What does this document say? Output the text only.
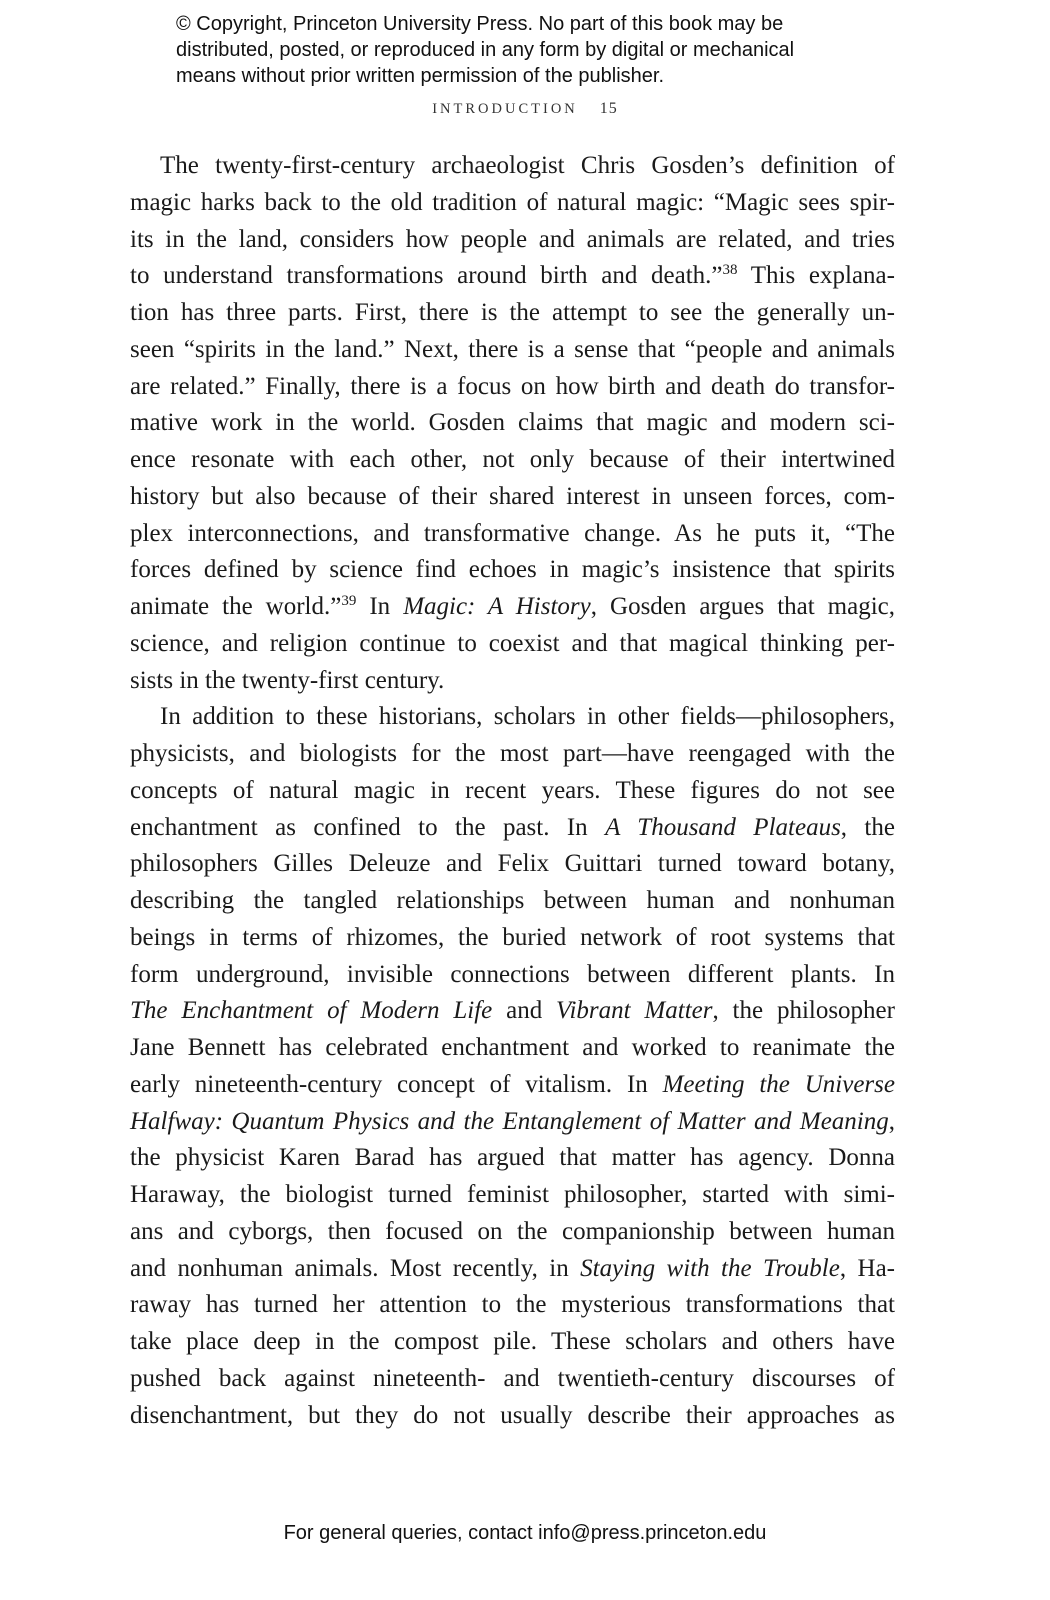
© Copyright, Princeton University Press. No part of this book may be
distributed, posted, or reproduced in any form by digital or mechanical
means without prior written permission of the publisher.
INTRODUCTION 15
The twenty-first-century archaeologist Chris Gosden’s definition of
magic harks back to the old tradition of natural magic: “Magic sees spir-
its in the land, considers how people and animals are related, and tries
to understand transformations around birth and death.”$^{38}$ This explana-
tion has three parts. First, there is the attempt to see the generally un-
seen “spirits in the land.” Next, there is a sense that “people and animals
are related.” Finally, there is a focus on how birth and death do transfor-
mative work in the world. Gosden claims that magic and modern sci-
ence resonate with each other, not only because of their intertwined
history but also because of their shared interest in unseen forces, com-
plex interconnections, and transformative change. As he puts it, “The
forces defined by science find echoes in magic’s insistence that spirits
animate the world.”$^{39}$ In Magic: A History, Gosden argues that magic,
science, and religion continue to coexist and that magical thinking per-
sists in the twenty-first century.
In addition to these historians, scholars in other fields—philosophers,
physicists, and biologists for the most part—have reengaged with the
concepts of natural magic in recent years. These figures do not see
enchantment as confined to the past. In A Thousand Plateaus, the
philosophers Gilles Deleuze and Felix Guittari turned toward botany,
describing the tangled relationships between human and nonhuman
beings in terms of rhizomes, the buried network of root systems that
form underground, invisible connections between different plants. In
The Enchantment of Modern Life and Vibrant Matter, the philosopher
Jane Bennett has celebrated enchantment and worked to reanimate the
early nineteenth-century concept of vitalism. In Meeting the Universe
Halfway: Quantum Physics and the Entanglement of Matter and Meaning,
the physicist Karen Barad has argued that matter has agency. Donna
Haraway, the biologist turned feminist philosopher, started with simi-
ans and cyborgs, then focused on the companionship between human
and nonhuman animals. Most recently, in Staying with the Trouble, Ha-
raway has turned her attention to the mysterious transformations that
take place deep in the compost pile. These scholars and others have
pushed back against nineteenth- and twentieth-century discourses of
disenchantment, but they do not usually describe their approaches as
For general queries, contact info@press.princeton.edu
